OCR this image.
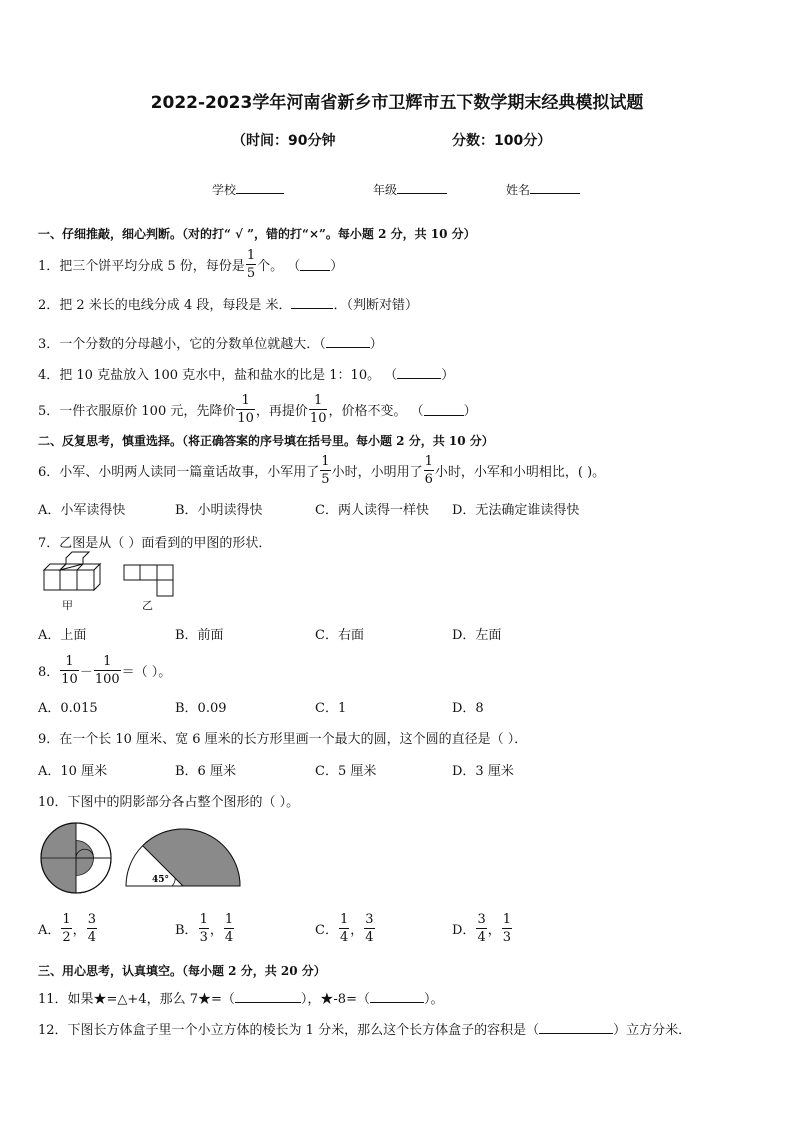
2022-2023学年河南省新乡市卫辉市五下数学期末经典模拟试题
（时间：90分钟	分数：100分）
学校	年级	姓名
一、仔细推敲，细心判断。（对的打“ √ ”，错的打“×”。每小题 2 分，共 10 分）
1．把三个饼平均分成 5 份，每份是 $\frac{1}{5}$ 个。 （ ）
2．把 2 米长的电线分成 4 段，每段是 米．	．（判断对错）
3．一个分数的分母越小，它的分数单位就越大．（	）
4．把 10 克盐放入 100 克水中，盐和盐水的比是 1：10。 （	）
5．一件衣服原价 100 元，先降价 $\frac{1}{10}$ ，再提价 $\frac{1}{10}$ ，价格不变。 （	）
二、反复思考，慎重选择。（将正确答案的序号填在括号里。每小题 2 分，共 10 分）
6．小军、小明两人读同一篇童话故事，小军用了 $\frac{1}{5}$ 小时，小明用了 $\frac{1}{6}$ 小时，小军和小明相比，( )。
A．小军读得快	B．小明读得快	C．两人读得一样快 D．无法确定谁读得快
7．乙图是从（ ）面看到的甲图的形状．
甲	乙
A．上面	B．前面	C．右面	D．左面
8． $\frac{1}{10} - \frac{1}{100}$ ＝（ ）。
A．0.015	B．0.09	C．1	D．8
9．在一个长 10 厘米、宽 6 厘米的长方形里画一个最大的圆，这个圆的直径是（ ）．
A．10 厘米	B．6 厘米	C．5 厘米	D．3 厘米
10．下图中的阴影部分各占整个图形的（ ）。
45°
A． $\frac{1}{2}$ ， $\frac{3}{4}$	B． $\frac{1}{3}$ ， $\frac{1}{4}$	C． $\frac{1}{4}$ ， $\frac{3}{4}$	D． $\frac{3}{4}$ ， $\frac{1}{3}$
三、用心思考，认真填空。（每小题 2 分，共 20 分）
11．如果★=△+4，那么 7★=（	），★-8=（	）。
12．下图长方体盒子里一个小立方体的棱长为 1 分米，那么这个长方体盒子的容积是（	）立方分米．
